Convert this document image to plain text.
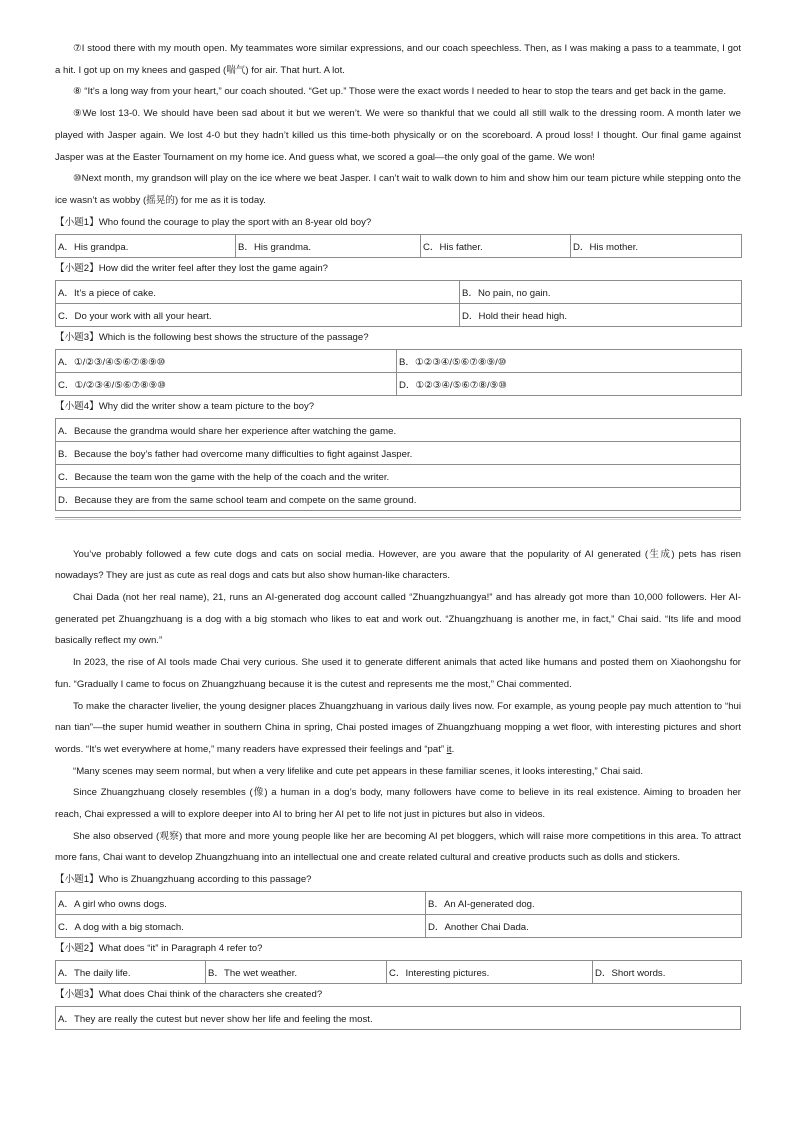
⑦I stood there with my mouth open. My teammates wore similar expressions, and our coach speechless. Then, as I was making a pass to a teammate, I got a hit. I got up on my knees and gasped (喘气) for air. That hurt. A lot.

⑧ “It’s a long way from your heart,” our coach shouted. “Get up.” Those were the exact words I needed to hear to stop the tears and get back in the game.

⑨We lost 13-0. We should have been sad about it but we weren’t. We were so thankful that we could all still walk to the dressing room. A month later we played with Jasper again. We lost 4-0 but they hadn’t killed us this time-both physically or on the scoreboard. A proud loss! I thought. Our final game against Jasper was at the Easter Tournament on my home ice. And guess what, we scored a goal—the only goal of the game. We won!

⑩Next month, my grandson will play on the ice where we beat Jasper. I can’t wait to walk down to him and show him our team picture while stepping onto the ice wasn’t as wobby (摇晃的) for me as it is today.

【小题1】Who found the courage to play the sport with an 8-year old boy?

A．His grandpa.	B．His grandma.	C．His father.	D．His mother.

【小题2】How did the writer feel after they lost the game again?

A．It’s a piece of cake.	B．No pain, no gain.
C．Do your work with all your heart.	D．Hold their head high.

【小题3】Which is the following best shows the structure of the passage?

A．①/②③/④⑤⑥⑦⑧⑨⑩	B．①②③④/⑤⑥⑦⑧⑨/⑩
C．①/②③④/⑤⑥⑦⑧⑨⑩	D．①②③④/⑤⑥⑦⑧/⑨⑩

【小题4】Why did the writer show a team picture to the boy?

A．Because the grandma would share her experience after watching the game.
B．Because the boy’s father had overcome many difficulties to fight against Jasper.
C．Because the team won the game with the help of the coach and the writer.
D．Because they are from the same school team and compete on the same ground.

You’ve probably followed a few cute dogs and cats on social media. However, are you aware that the popularity of AI generated (生成) pets has risen nowadays? They are just as cute as real dogs and cats but also show human-like characters.

Chai Dada (not her real name), 21, runs an AI-generated dog account called “Zhuangzhuangya!” and has already got more than 10,000 followers. Her AI-generated pet Zhuangzhuang is a dog with a big stomach who likes to eat and work out. “Zhuangzhuang is another me, in fact,” Chai said. “Its life and mood basically reflect my own.”

In 2023, the rise of AI tools made Chai very curious. She used it to generate different animals that acted like humans and posted them on Xiaohongshu for fun. “Gradually I came to focus on Zhuangzhuang because it is the cutest and represents me the most,” Chai commented.

To make the character livelier, the young designer places Zhuangzhuang in various daily lives now. For example, as young people pay much attention to “hui nan tian”—the super humid weather in southern China in spring, Chai posted images of Zhuangzhuang mopping a wet floor, with interesting pictures and short words. “It’s wet everywhere at home,” many readers have expressed their feelings and “pat” it.

“Many scenes may seem normal, but when a very lifelike and cute pet appears in these familiar scenes, it looks interesting,” Chai said.

Since Zhuangzhuang closely resembles (像) a human in a dog’s body, many followers have come to believe in its real existence. Aiming to broaden her reach, Chai expressed a will to explore deeper into AI to bring her AI pet to life not just in pictures but also in videos.

She also observed (观察) that more and more young people like her are becoming AI pet bloggers, which will raise more competitions in this area. To attract more fans, Chai want to develop Zhuangzhuang into an intellectual one and create related cultural and creative products such as dolls and stickers.

【小题1】Who is Zhuangzhuang according to this passage?

A．A girl who owns dogs.	B．An AI-generated dog.
C．A dog with a big stomach.	D．Another Chai Dada.

【小题2】What does “it” in Paragraph 4 refer to?

A．The daily life.	B．The wet weather.	C．Interesting pictures.	D．Short words.

【小题3】What does Chai think of the characters she created?

A．They are really the cutest but never show her life and feeling the most.
